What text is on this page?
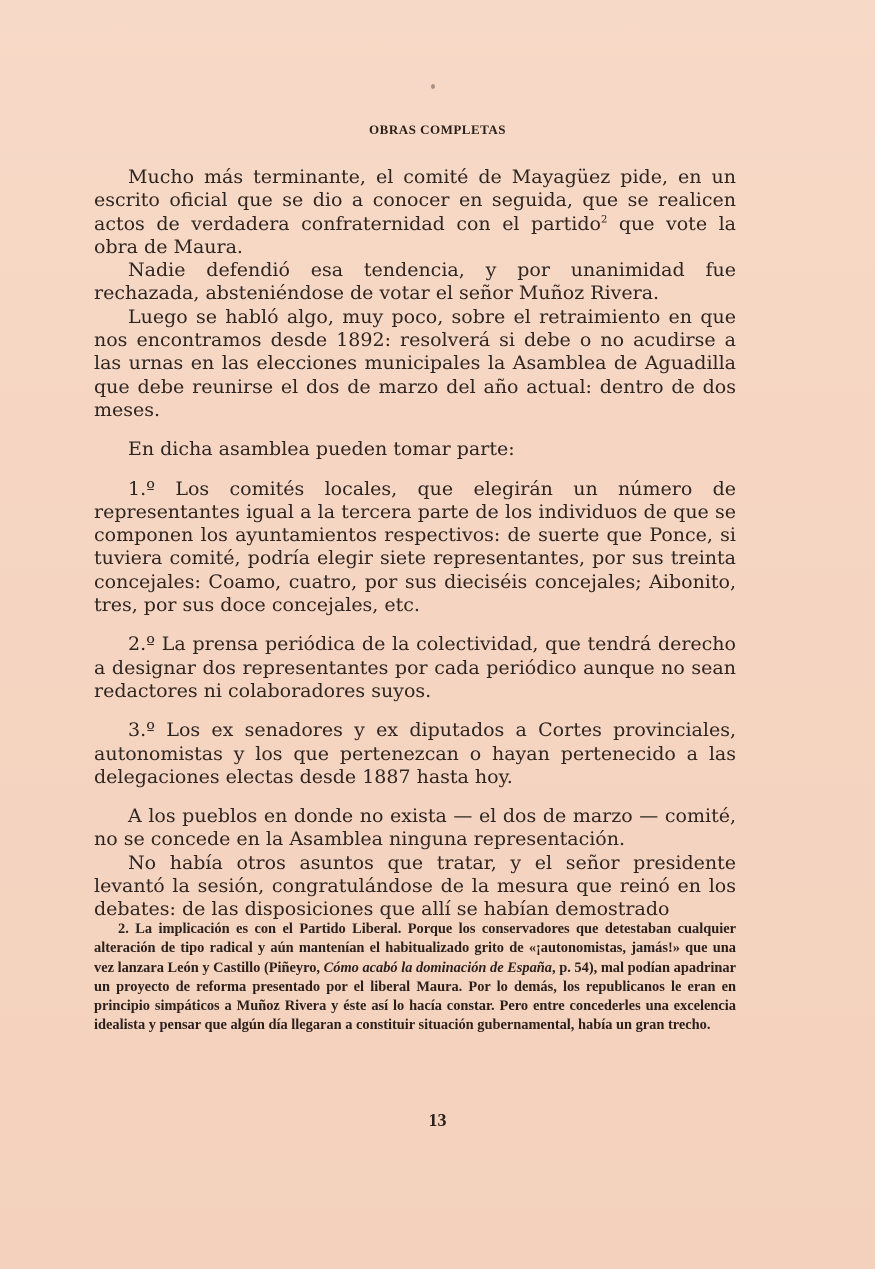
OBRAS COMPLETAS

Mucho más terminante, el comité de Mayagüez pide, en un escrito oficial que se dio a conocer en seguida, que se realicen actos de verdadera confraternidad con el partido$^2$ que vote la obra de Maura.

Nadie defendió esa tendencia, y por unanimidad fue rechazada, absteniéndose de votar el señor Muñoz Rivera.

Luego se habló algo, muy poco, sobre el retraimiento en que nos encontramos desde 1892: resolverá si debe o no acudirse a las urnas en las elecciones municipales la Asamblea de Aguadilla que debe reunirse el dos de marzo del año actual: dentro de dos meses.

En dicha asamblea pueden tomar parte:

1.º Los comités locales, que elegirán un número de representantes igual a la tercera parte de los individuos de que se componen los ayuntamientos respectivos: de suerte que Ponce, si tuviera comité, podría elegir siete representantes, por sus treinta concejales: Coamo, cuatro, por sus dieciséis concejales; Aibonito, tres, por sus doce concejales, etc.

2.º La prensa periódica de la colectividad, que tendrá derecho a designar dos representantes por cada periódico aunque no sean redactores ni colaboradores suyos.

3.º Los ex senadores y ex diputados a Cortes provinciales, autonomistas y los que pertenezcan o hayan pertenecido a las delegaciones electas desde 1887 hasta hoy.

A los pueblos en donde no exista — el dos de marzo — comité, no se concede en la Asamblea ninguna representación.

No había otros asuntos que tratar, y el señor presidente levantó la sesión, congratulándose de la mesura que reinó en los debates: de las disposiciones que allí se habían demostrado

2. La implicación es con el Partido Liberal. Porque los conservadores que detestaban cualquier alteración de tipo radical y aún mantenían el habitualizado grito de «¡autonomistas, jamás!» que una vez lanzara León y Castillo (Piñeyro, Cómo acabó la dominación de España, p. 54), mal podían apadrinar un proyecto de reforma presentado por el liberal Maura. Por lo demás, los republicanos le eran en principio simpáticos a Muñoz Rivera y éste así lo hacía constar. Pero entre concederles una excelencia idealista y pensar que algún día llegaran a constituir situación gubernamental, había un gran trecho.

13
